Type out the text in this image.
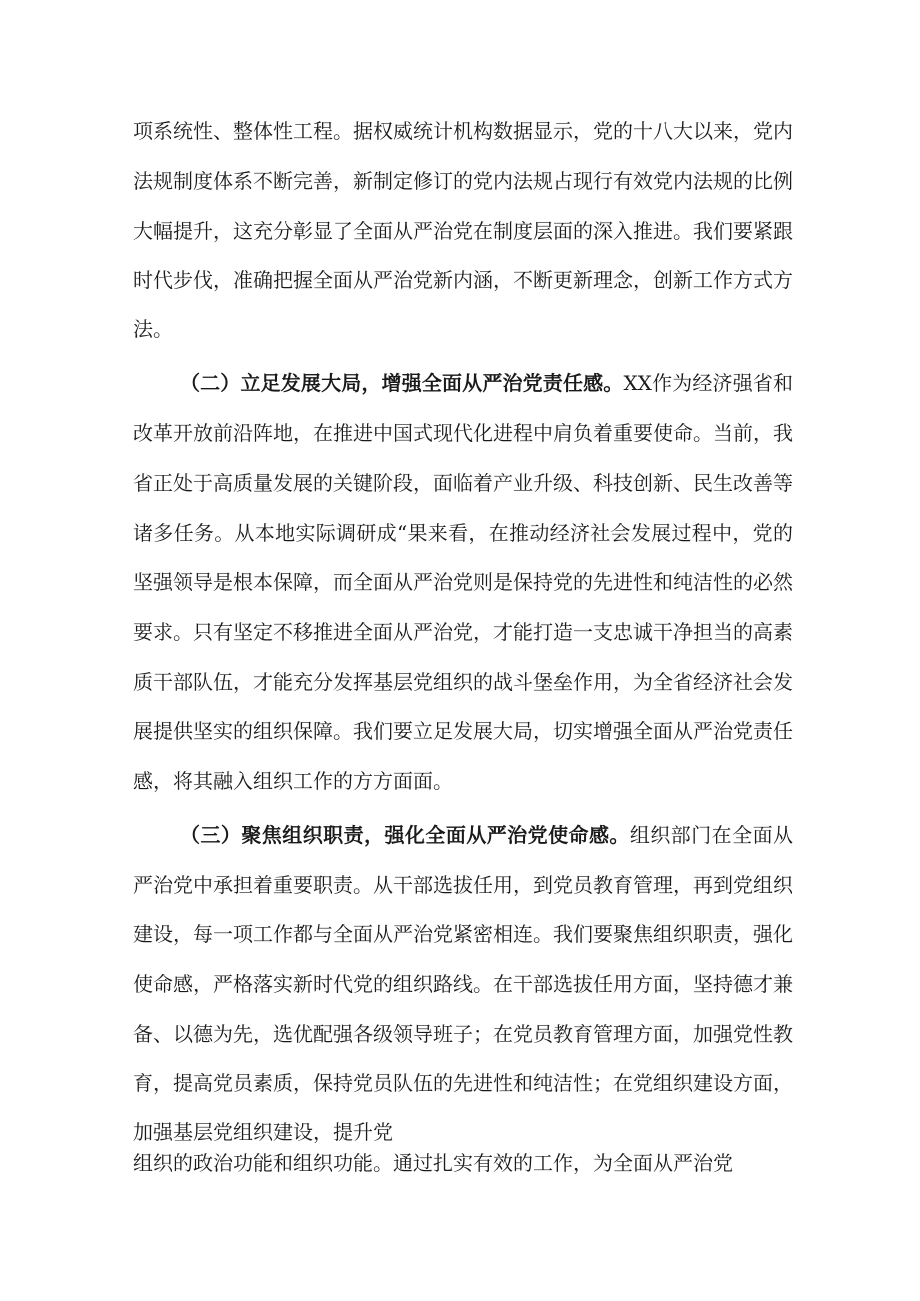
项系统性、整体性工程。据权威统计机构数据显示，党的十八大以来，党内
法规制度体系不断完善，新制定修订的党内法规占现行有效党内法规的比例
大幅提升，这充分彰显了全面从严治党在制度层面的深入推进。我们要紧跟
时代步伐，准确把握全面从严治党新内涵，不断更新理念，创新工作方式方
法。
（二）立足发展大局，增强全面从严治党责任感。XX作为经济强省和
改革开放前沿阵地，在推进中国式现代化进程中肩负着重要使命。当前，我
省正处于高质量发展的关键阶段，面临着产业升级、科技创新、民生改善等
诸多任务。从本地实际调研成“果来看，在推动经济社会发展过程中，党的
坚强领导是根本保障，而全面从严治党则是保持党的先进性和纯洁性的必然
要求。只有坚定不移推进全面从严治党，才能打造一支忠诚干净担当的高素
质干部队伍，才能充分发挥基层党组织的战斗堡垒作用，为全省经济社会发
展提供坚实的组织保障。我们要立足发展大局，切实增强全面从严治党责任
感，将其融入组织工作的方方面面。
（三）聚焦组织职责，强化全面从严治党使命感。组织部门在全面从
严治党中承担着重要职责。从干部选拔任用，到党员教育管理，再到党组织
建设，每一项工作都与全面从严治党紧密相连。我们要聚焦组织职责，强化
使命感，严格落实新时代党的组织路线。在干部选拔任用方面，坚持德才兼
备、以德为先，选优配强各级领导班子；在党员教育管理方面，加强党性教
育，提高党员素质，保持党员队伍的先进性和纯洁性；在党组织建设方面，
加强基层党组织建设，提升党
组织的政治功能和组织功能。通过扎实有效的工作，为全面从严治党
